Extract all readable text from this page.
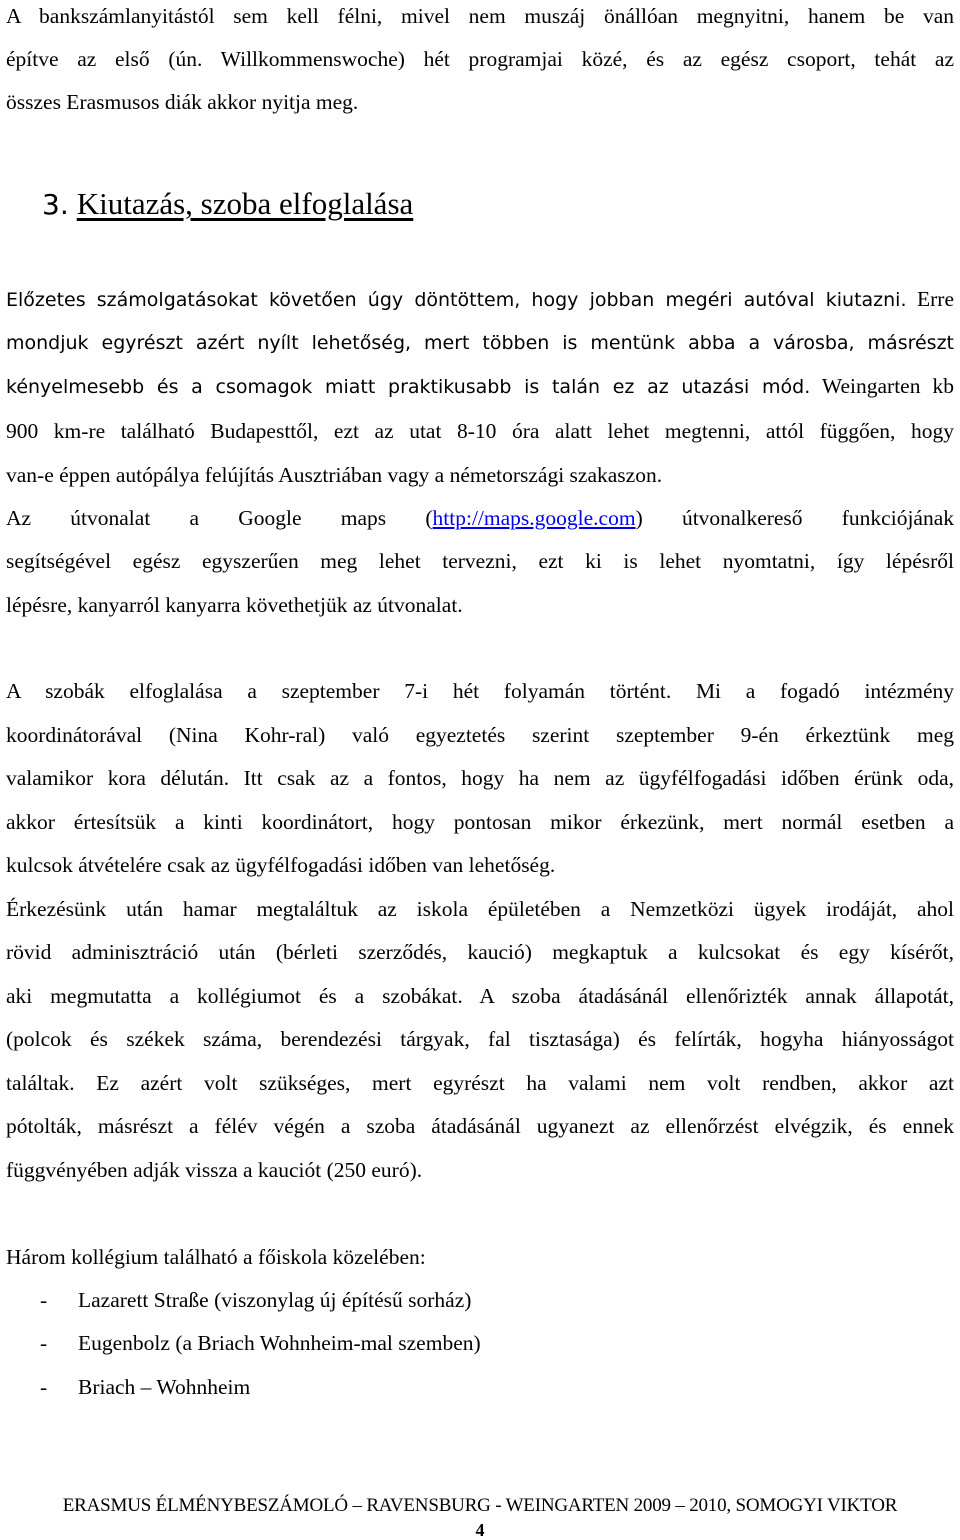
A bankszámlanyitástól sem kell félni, mivel nem muszáj önállóan megnyitni, hanem be van
építve az első (ún. Willkommenswoche) hét programjai közé, és az egész csoport, tehát az
összes Erasmusos diák akkor nyitja meg.
3. Kiutazás, szoba elfoglalása
Előzetes számolgatásokat követően úgy döntöttem, hogy jobban megéri autóval kiutazni. Erre
mondjuk egyrészt azért nyílt lehetőség, mert többen is mentünk abba a városba, másrészt
kényelmesebb és a csomagok miatt praktikusabb is talán ez az utazási mód. Weingarten kb
900 km-re található Budapesttől, ezt az utat 8-10 óra alatt lehet megtenni, attól függően, hogy
van-e éppen autópálya felújítás Ausztriában vagy a németországi szakaszon.
Az útvonalat a Google maps (http://maps.google.com) útvonalkereső funkciójának
segítségével egész egyszerűen meg lehet tervezni, ezt ki is lehet nyomtatni, így lépésről
lépésre, kanyarról kanyarra követhetjük az útvonalat.
A szobák elfoglalása a szeptember 7-i hét folyamán történt. Mi a fogadó intézmény
koordinátorával (Nina Kohr-ral) való egyeztetés szerint szeptember 9-én érkeztünk meg
valamikor kora délután. Itt csak az a fontos, hogy ha nem az ügyfélfogadási időben érünk oda,
akkor értesítsük a kinti koordinátort, hogy pontosan mikor érkezünk, mert normál esetben a
kulcsok átvételére csak az ügyfélfogadási időben van lehetőség.
Érkezésünk után hamar megtaláltuk az iskola épületében a Nemzetközi ügyek irodáját, ahol
rövid adminisztráció után (bérleti szerződés, kaució) megkaptuk a kulcsokat és egy kísérőt,
aki megmutatta a kollégiumot és a szobákat. A szoba átadásánál ellenőrizték annak állapotát,
(polcok és székek száma, berendezési tárgyak, fal tisztasága) és felírták, hogyha hiányosságot
találtak. Ez azért volt szükséges, mert egyrészt ha valami nem volt rendben, akkor azt
pótolták, másrészt a félév végén a szoba átadásánál ugyanezt az ellenőrzést elvégzik, és ennek
függvényében adják vissza a kauciót (250 euró).
Három kollégium található a főiskola közelében:
- Lazarett Straße (viszonylag új építésű sorház)
- Eugenbolz (a Briach Wohnheim-mal szemben)
- Briach – Wohnheim
ERASMUS ÉLMÉNYBESZÁMOLÓ – RAVENSBURG - WEINGARTEN 2009 – 2010, SOMOGYI VIKTOR
4
